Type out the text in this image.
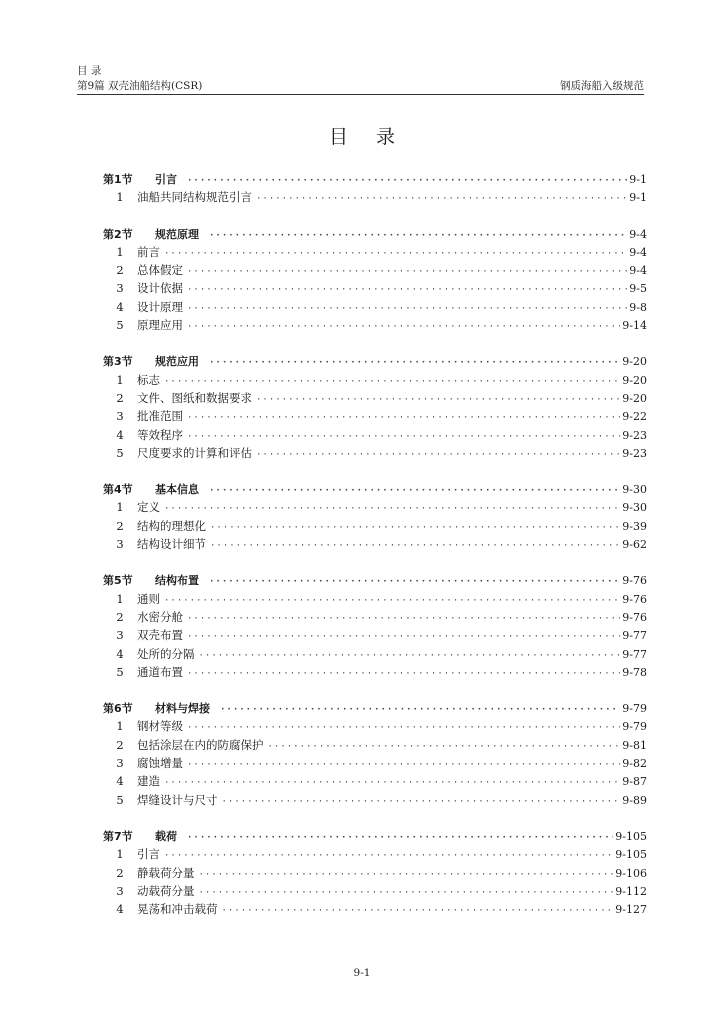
目 录
第9篇 双壳油船结构(CSR)	钢质海船入级规范
目录
第1节	引言 ·····	9-1
1	油船共同结构规范引言 ·····	9-1
第2节	规范原理 ·····	9-4
1	前言 ·····	9-4
2	总体假定 ·····	9-4
3	设计依据 ·····	9-5
4	设计原理 ·····	9-8
5	原理应用 ·····	9-14
第3节	规范应用 ·····	9-20
1	标志 ·····	9-20
2	文件、图纸和数据要求 ·····	9-20
3	批准范围 ·····	9-22
4	等效程序 ·····	9-23
5	尺度要求的计算和评估 ·····	9-23
第4节	基本信息 ·····	9-30
1	定义 ·····	9-30
2	结构的理想化 ·····	9-39
3	结构设计细节 ·····	9-62
第5节	结构布置 ·····	9-76
1	通则 ·····	9-76
2	水密分舱 ·····	9-76
3	双壳布置 ·····	9-77
4	处所的分隔 ·····	9-77
5	通道布置 ·····	9-78
第6节	材料与焊接 ·····	9-79
1	钢材等级 ·····	9-79
2	包括涂层在内的防腐保护 ·····	9-81
3	腐蚀增量 ·····	9-82
4	建造 ·····	9-87
5	焊缝设计与尺寸 ·····	9-89
第7节	载荷 ·····	9-105
1	引言 ·····	9-105
2	静载荷分量 ·····	9-106
3	动载荷分量 ·····	9-112
4	晃荡和冲击载荷 ·····	9-127
9-1
